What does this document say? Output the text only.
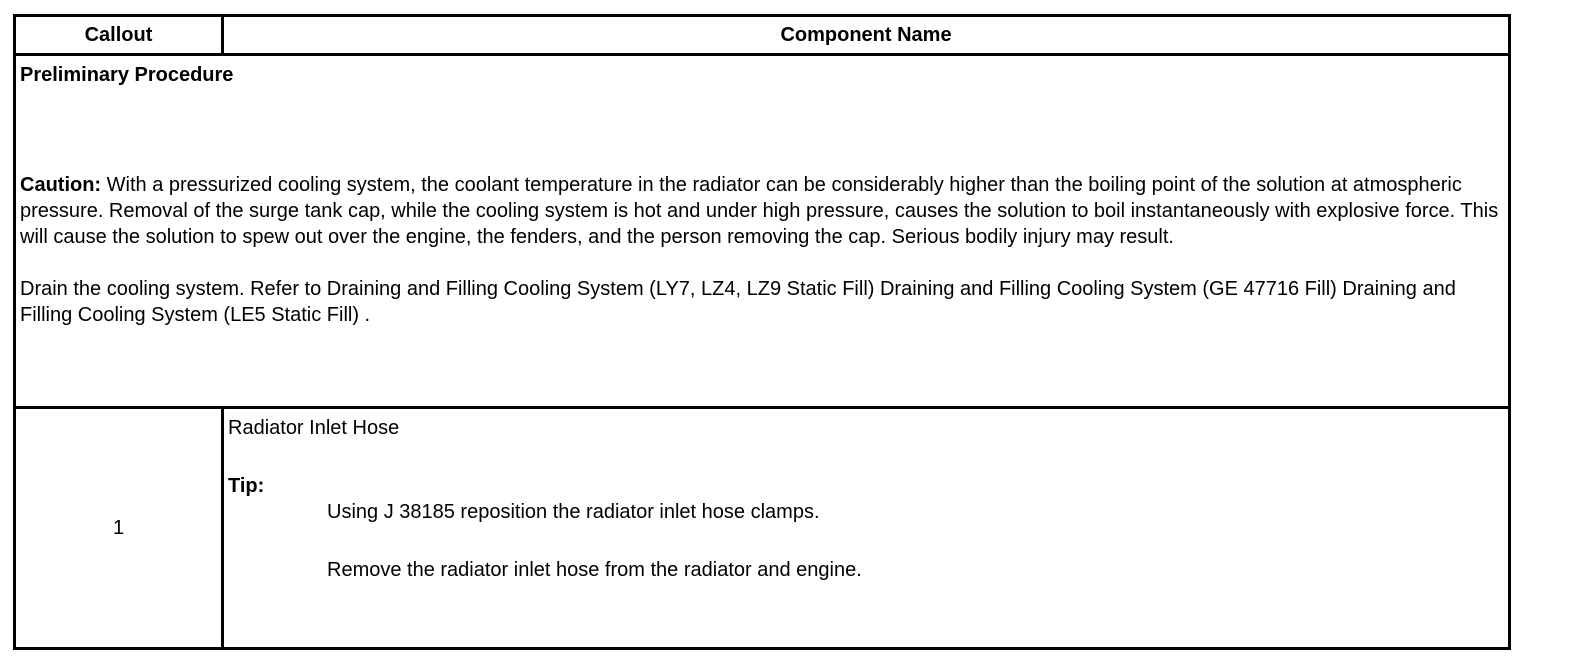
Callout	Component Name

Preliminary Procedure
Caution: With a pressurized cooling system, the coolant temperature in the radiator can be considerably higher than the boiling point of the solution at atmospheric pressure. Removal of the surge tank cap, while the cooling system is hot and under high pressure, causes the solution to boil instantaneously with explosive force. This will cause the solution to spew out over the engine, the fenders, and the person removing the cap. Serious bodily injury may result.
Drain the cooling system. Refer to Draining and Filling Cooling System (LY7, LZ4, LZ9 Static Fill) Draining and Filling Cooling System (GE 47716 Fill) Draining and Filling Cooling System (LE5 Static Fill) .	

1	Radiator Inlet Hose
Tip:
Using J 38185 reposition the radiator inlet hose clamps.
Remove the radiator inlet hose from the radiator and engine.
